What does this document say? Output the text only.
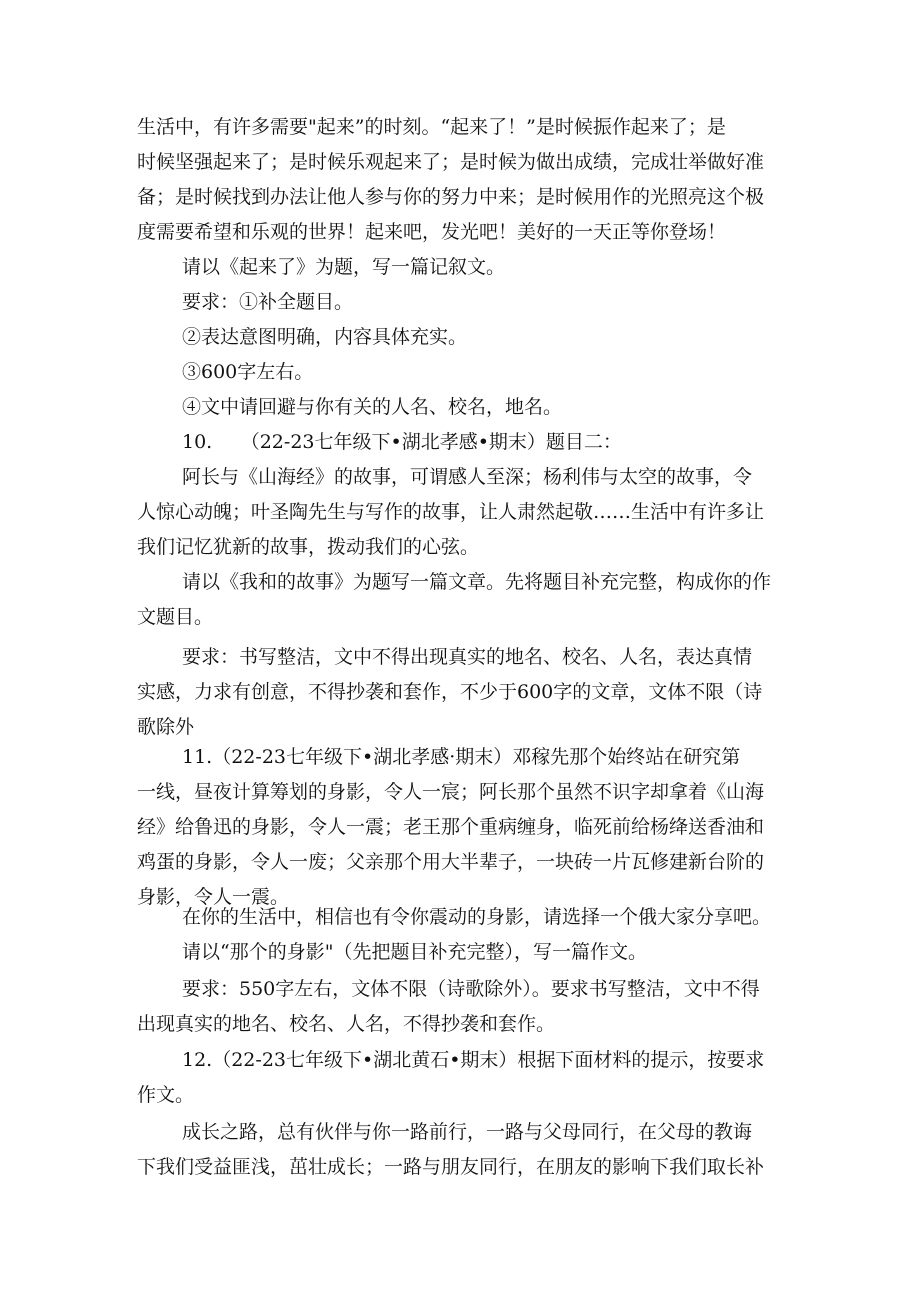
生活中，有许多需要"起来”的时刻。“起来了！”是时候振作起来了；是
时候坚强起来了；是时候乐观起来了；是时候为做出成绩，完成壮举做好准
备；是时候找到办法让他人参与你的努力中来；是时候用作的光照亮这个极
度需要希望和乐观的世界！起来吧，发光吧！美好的一天正等你登场！
请以《起来了》为题，写一篇记叙文。
要求：①补全题目。
②表达意图明确，内容具体充实。
③600字左右。
④文中请回避与你有关的人名、校名，地名。
10.　　（22-23七年级下•湖北孝感•期末）题目二：
阿长与《山海经》的故事，可谓感人至深；杨利伟与太空的故事，令
人惊心动魄；叶圣陶先生与写作的故事，让人肃然起敬……生活中有许多让
我们记忆犹新的故事，拨动我们的心弦。
请以《我和的故事》为题写一篇文章。先将题目补充完整，构成你的作
文题目。
要求：书写整洁，文中不得出现真实的地名、校名、人名，表达真情
实感，力求有创意，不得抄袭和套作，不少于600字的文章，文体不限（诗
歌除外
11.（22-23七年级下•湖北孝感·期末）邓稼先那个始终站在研究第
一线，昼夜计算筹划的身影，令人一宸；阿长那个虽然不识字却拿着《山海
经》给鲁迅的身影，令人一震；老王那个重病缠身，临死前给杨绛送香油和
鸡蛋的身影，令人一废；父亲那个用大半辈子，一块砖一片瓦修建新台阶的
身影，令人一震。
在你的生活中，相信也有令你震动的身影，请选择一个俄大家分享吧。
请以“那个的身影"（先把题目补充完整），写一篇作文。
要求：550字左右，文体不限（诗歌除外）。要求书写整洁，文中不得
出现真实的地名、校名、人名，不得抄袭和套作。
12.（22-23七年级下•湖北黄石•期末）根据下面材料的提示，按要求
作文。
成长之路，总有伙伴与你一路前行，一路与父母同行，在父母的教诲
下我们受益匪浅，茁壮成长；一路与朋友同行，在朋友的影响下我们取长补
